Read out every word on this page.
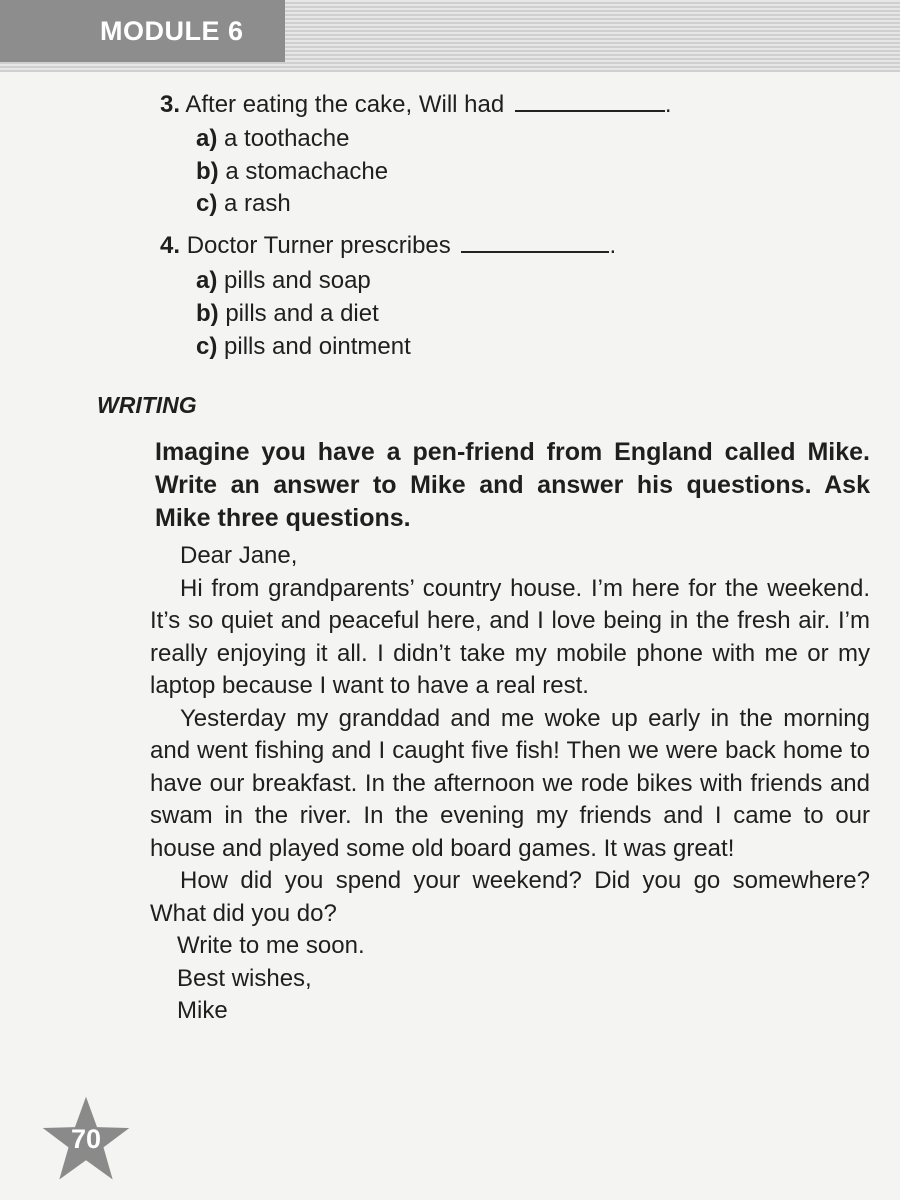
MODULE 6
3. After eating the cake, Will had	.
a) a toothache
b) a stomachache
c) a rash
4. Doctor Turner prescribes	.
a) pills and soap
b) pills and a diet
c) pills and ointment
WRITING
Imagine you have a pen-friend from England called Mike. Write an answer to Mike and answer his questions. Ask Mike three questions.

Dear Jane,

Hi from grandparents’ country house. I’m here for the weekend. It’s so quiet and peaceful here, and I love being in the fresh air. I’m really enjoying it all. I didn’t take my mobile phone with me or my laptop because I want to have a real rest.

Yesterday my granddad and me woke up early in the morning and went fishing and I caught five fish! Then we were back home to have our breakfast. In the afternoon we rode bikes with friends and swam in the river. In the evening my friends and I came to our house and played some old board games. It was great!

How did you spend your weekend? Did you go somewhere? What did you do?

Write to me soon.
Best wishes,
Mike
70
